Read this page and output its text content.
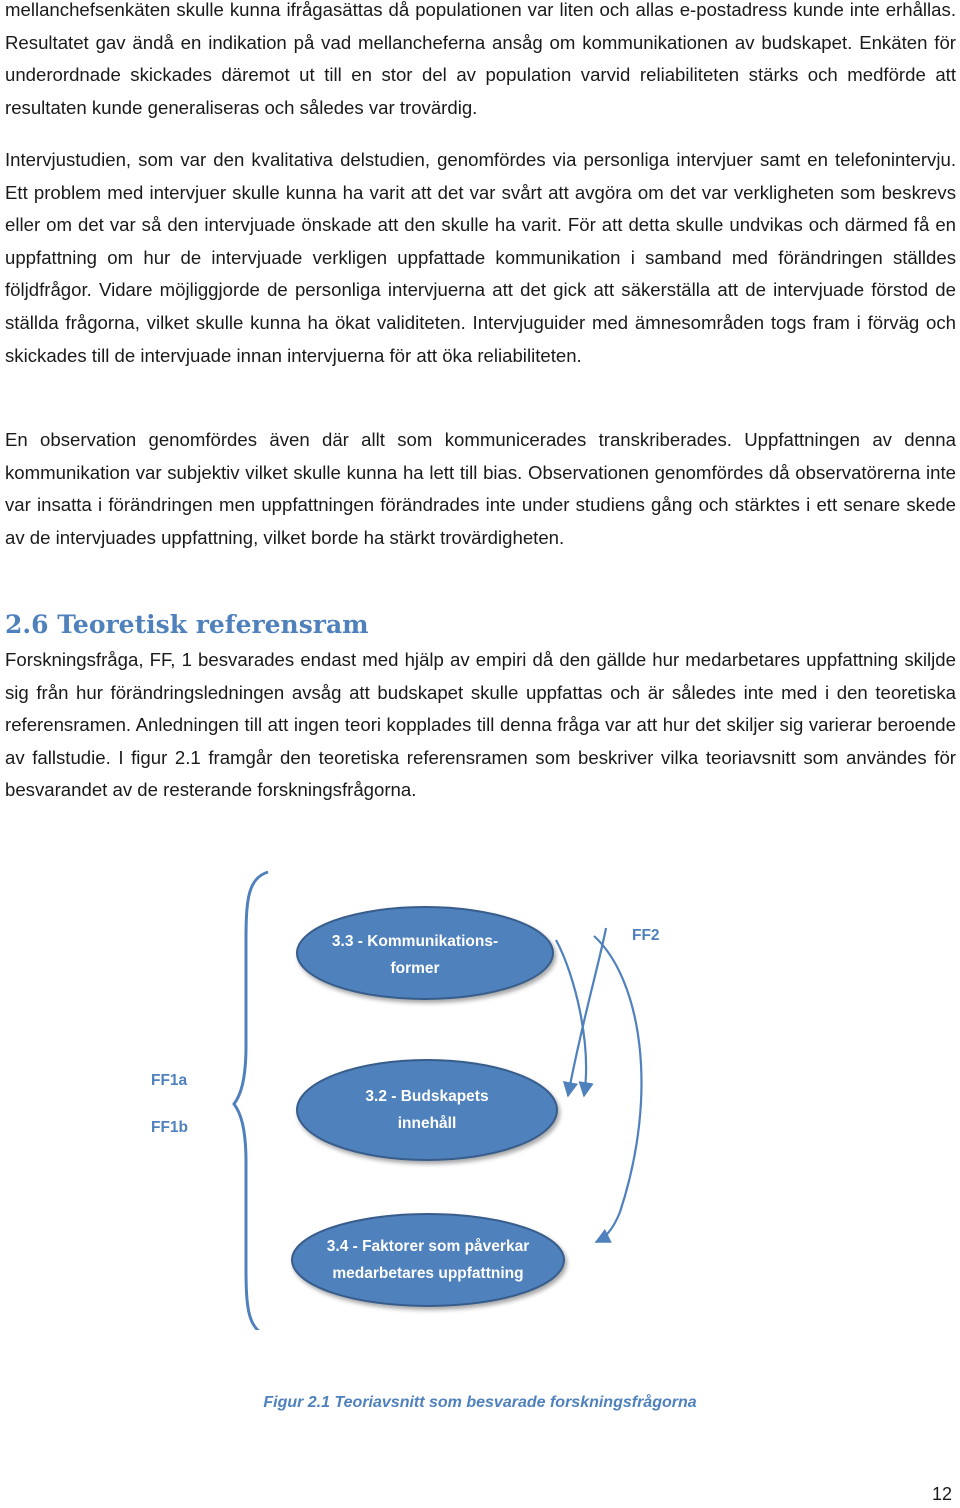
mellanchefsenkäten skulle kunna ifrågasättas då populationen var liten och allas e-postadress kunde inte erhållas. Resultatet gav ändå en indikation på vad mellancheferna ansåg om kommunikationen av budskapet. Enkäten för underordnade skickades däremot ut till en stor del av population varvid reliabiliteten stärks och medförde att resultaten kunde generaliseras och således var trovärdig.

Intervjustudien, som var den kvalitativa delstudien, genomfördes via personliga intervjuer samt en telefonintervju. Ett problem med intervjuer skulle kunna ha varit att det var svårt att avgöra om det var verkligheten som beskrevs eller om det var så den intervjuade önskade att den skulle ha varit. För att detta skulle undvikas och därmed få en uppfattning om hur de intervjuade verkligen uppfattade kommunikation i samband med förändringen ställdes följdfrågor. Vidare möjliggjorde de personliga intervjuerna att det gick att säkerställa att de intervjuade förstod de ställda frågorna, vilket skulle kunna ha ökat validiteten. Intervjuguider med ämnesområden togs fram i förväg och skickades till de intervjuade innan intervjuerna för att öka reliabiliteten.

En observation genomfördes även där allt som kommunicerades transkriberades. Uppfattningen av denna kommunikation var subjektiv vilket skulle kunna ha lett till bias. Observationen genomfördes då observatörerna inte var insatta i förändringen men uppfattningen förändrades inte under studiens gång och stärktes i ett senare skede av de intervjuades uppfattning, vilket borde ha stärkt trovärdigheten.

2.6 Teoretisk referensram

Forskningsfråga, FF, 1 besvarades endast med hjälp av empiri då den gällde hur medarbetares uppfattning skiljde sig från hur förändringsledningen avsåg att budskapet skulle uppfattas och är således inte med i den teoretiska referensramen. Anledningen till att ingen teori kopplades till denna fråga var att hur det skiljer sig varierar beroende av fallstudie. I figur 2.1 framgår den teoretiska referensramen som beskriver vilka teoriavsnitt som användes för besvarandet av de resterande forskningsfrågorna.

3.3 - Kommunikations-
former
3.2 - Budskapets
innehåll
3.4 - Faktorer som påverkar
medarbetares uppfattning
FF1a
FF1b
FF2

Figur 2.1 Teoriavsnitt som besvarade forskningsfrågorna

12
